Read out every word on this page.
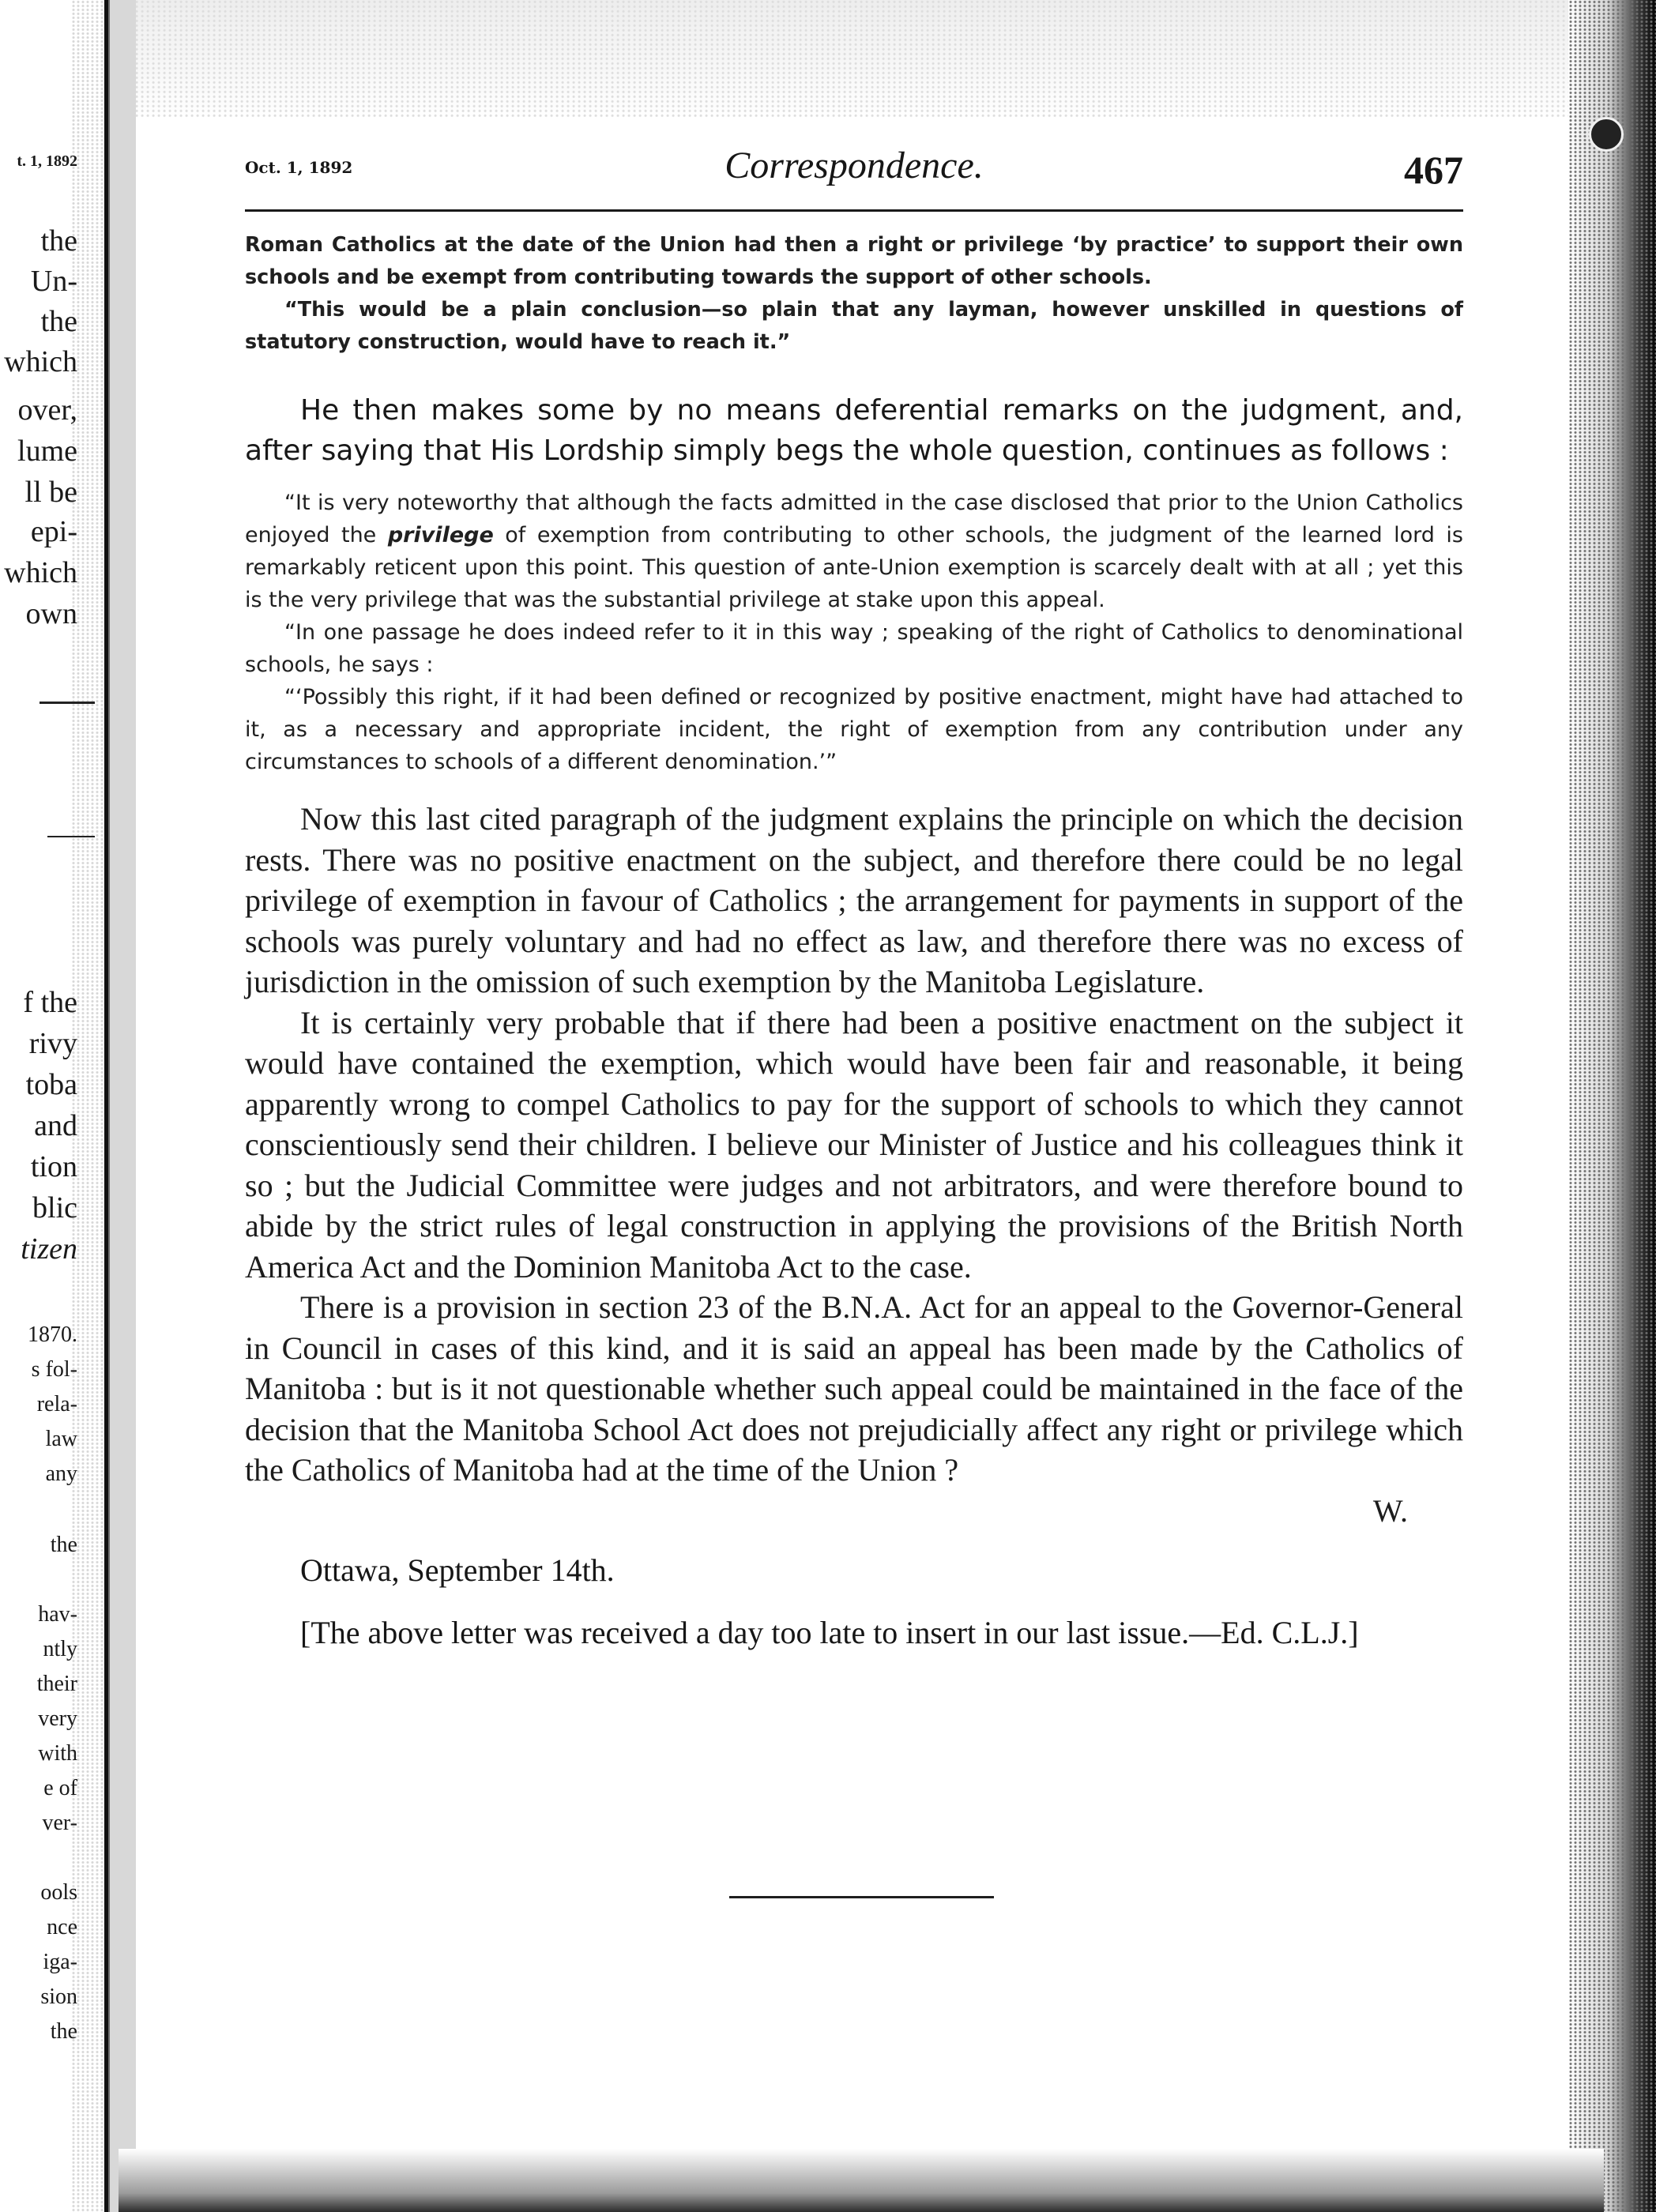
t. 1, 1892
the
Un-
the
which
over,
lume
ll be
epi-
which
own
f the
rivy
toba
and
tion
blic
tizen
1870.
s fol-
rela-
law
any
the
hav-
ntly
their
very
with
e of
ver-
ools
nce
iga-
sion
the
Oct. 1, 1892	Correspondence.	467

Roman Catholics at the date of the Union had then a right or privilege ‘by practice’ to support their own schools and be exempt from contributing towards the support of other schools.

“This would be a plain conclusion—so plain that any layman, however unskilled in questions of statutory construction, would have to reach it.”

He then makes some by no means deferential remarks on the judgment, and, after saying that His Lordship simply begs the whole question, continues as follows :

“It is very noteworthy that although the facts admitted in the case disclosed that prior to the Union Catholics enjoyed the privilege of exemption from contributing to other schools, the judgment of the learned lord is remarkably reticent upon this point. This question of ante-Union exemption is scarcely dealt with at all ; yet this is the very privilege that was the substantial privilege at stake upon this appeal.

“In one passage he does indeed refer to it in this way ; speaking of the right of Catholics to denominational schools, he says :

“‘Possibly this right, if it had been defined or recognized by positive enactment, might have had attached to it, as a necessary and appropriate incident, the right of exemption from any contribution under any circumstances to schools of a different denomination.’”

Now this last cited paragraph of the judgment explains the principle on which the decision rests. There was no positive enactment on the subject, and therefore there could be no legal privilege of exemption in favour of Catholics ; the arrangement for payments in support of the schools was purely voluntary and had no effect as law, and therefore there was no excess of jurisdiction in the omission of such exemption by the Manitoba Legislature.

It is certainly very probable that if there had been a positive enactment on the subject it would have contained the exemption, which would have been fair and reasonable, it being apparently wrong to compel Catholics to pay for the support of schools to which they cannot conscientiously send their children. I believe our Minister of Justice and his colleagues think it so ; but the Judicial Committee were judges and not arbitrators, and were therefore bound to abide by the strict rules of legal construction in applying the provisions of the British North America Act and the Dominion Manitoba Act to the case.

There is a provision in section 23 of the B.N.A. Act for an appeal to the Governor-General in Council in cases of this kind, and it is said an appeal has been made by the Catholics of Manitoba : but is it not questionable whether such appeal could be maintained in the face of the decision that the Manitoba School Act does not prejudicially affect any right or privilege which the Catholics of Manitoba had at the time of the Union ?

W.

Ottawa, September 14th.

[The above letter was received a day too late to insert in our last issue.—Ed. C.L.J.]
